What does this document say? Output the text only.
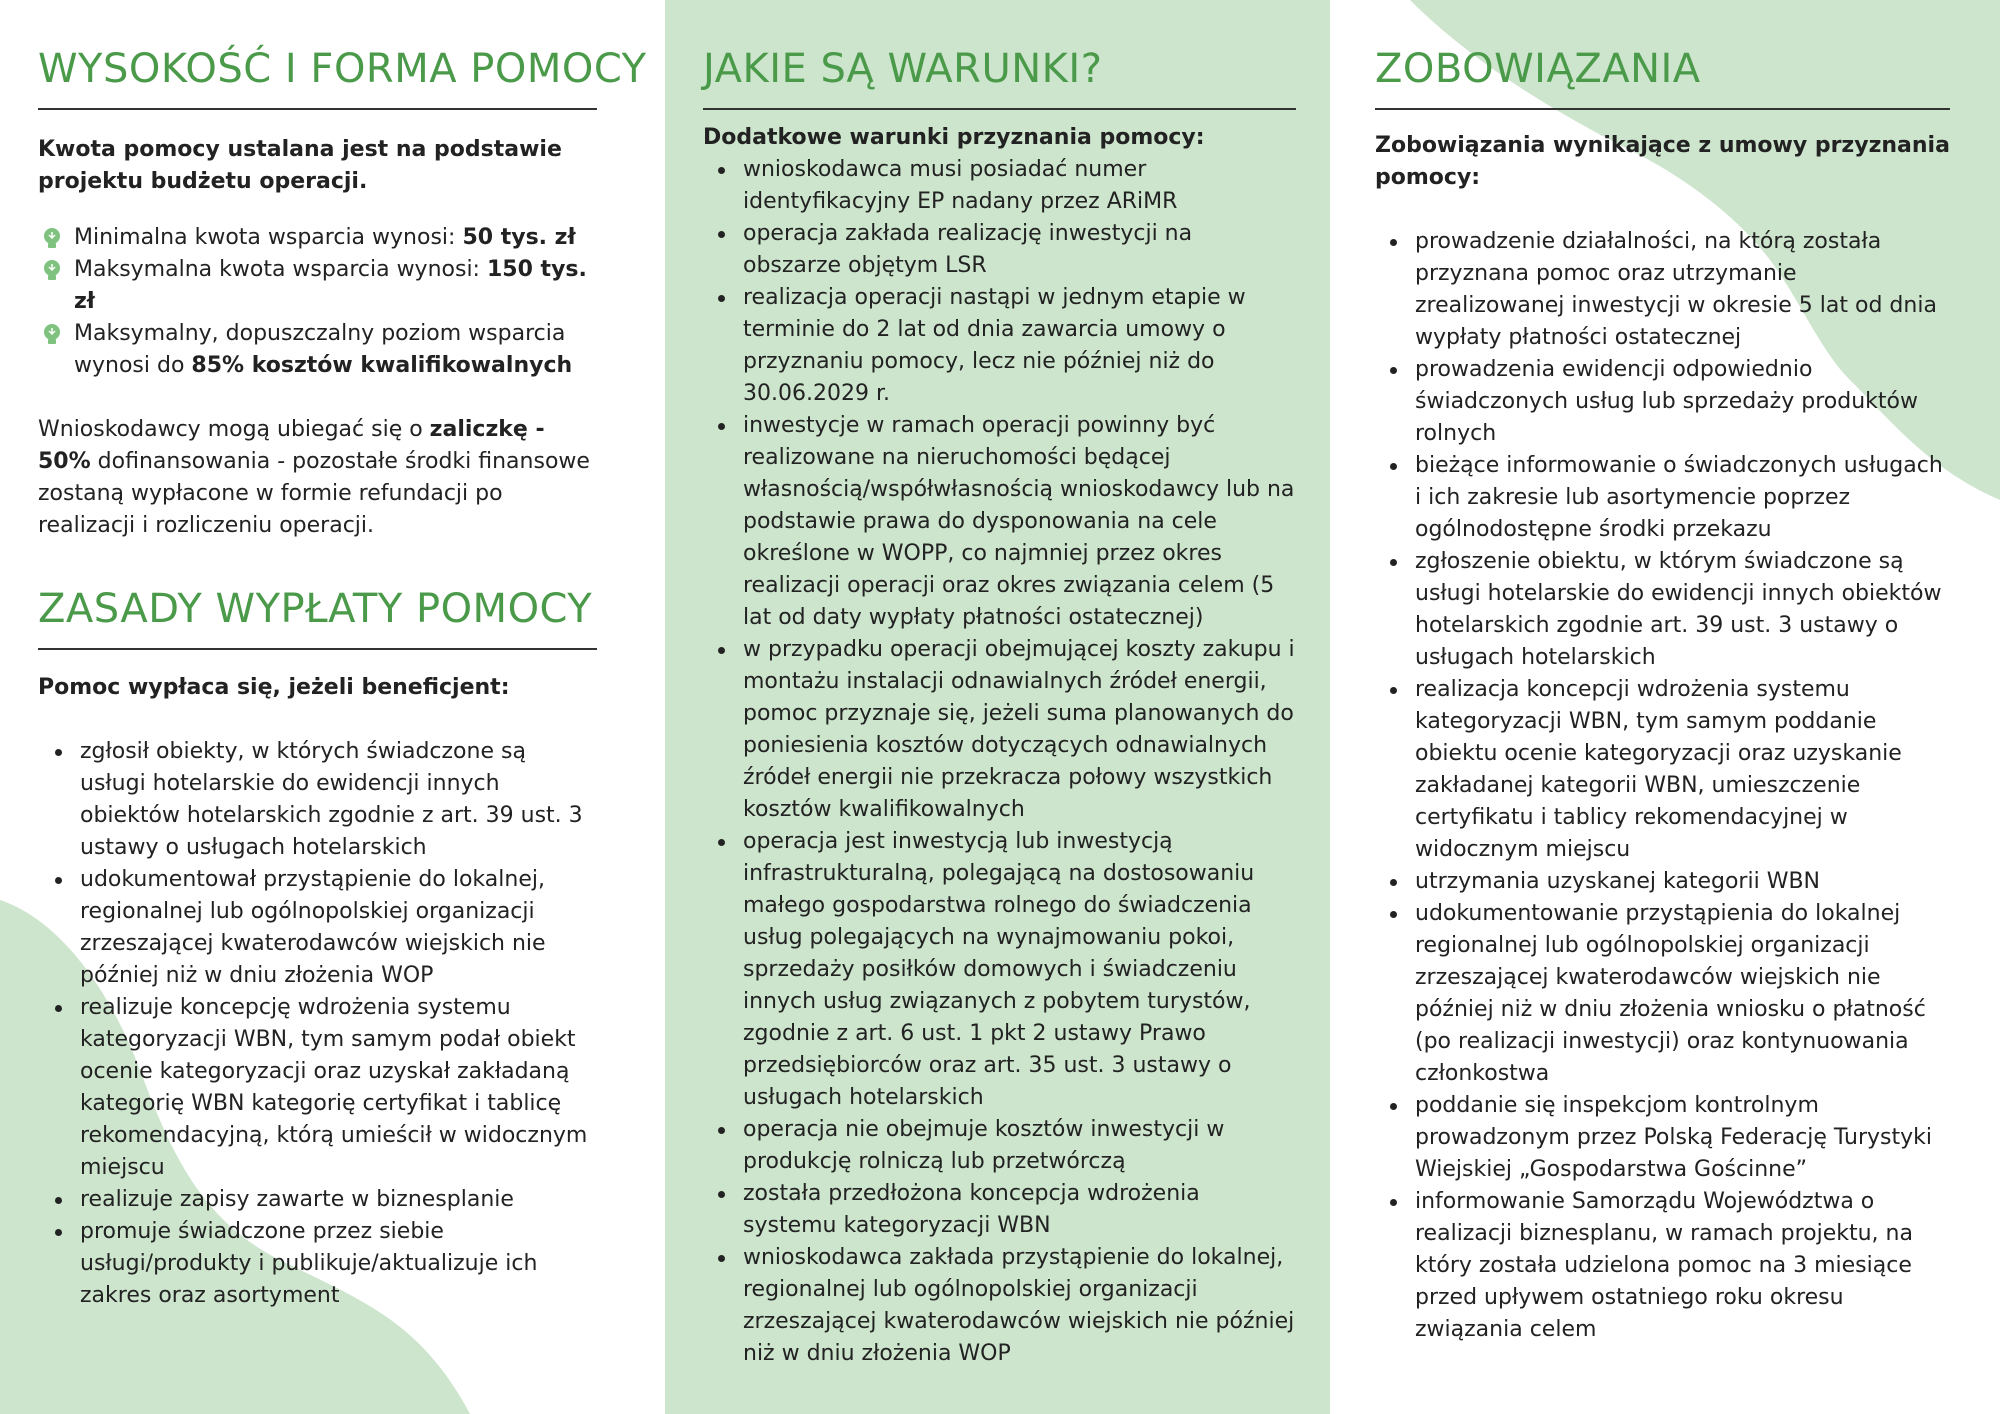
WYSOKOŚĆ I FORMA POMOCY

Kwota pomocy ustalana jest na podstawie projektu budżetu operacji.

Minimalna kwota wsparcia wynosi: 50 tys. zł
Maksymalna kwota wsparcia wynosi: 150 tys. zł
Maksymalny, dopuszczalny poziom wsparcia wynosi do 85% kosztów kwalifikowalnych

Wnioskodawcy mogą ubiegać się o zaliczkę - 50% dofinansowania - pozostałe środki finansowe zostaną wypłacone w formie refundacji po realizacji i rozliczeniu operacji.

ZASADY WYPŁATY POMOCY

Pomoc wypłaca się, jeżeli beneficjent:

zgłosił obiekty, w których świadczone są usługi hotelarskie do ewidencji innych obiektów hotelarskich zgodnie z art. 39 ust. 3 ustawy o usługach hotelarskich
udokumentował przystąpienie do lokalnej, regionalnej lub ogólnopolskiej organizacji zrzeszającej kwaterodawców wiejskich nie później niż w dniu złożenia WOP
realizuje koncepcję wdrożenia systemu kategoryzacji WBN, tym samym podał obiekt ocenie kategoryzacji oraz uzyskał zakładaną kategorię WBN kategorię certyfikat i tablicę rekomendacyjną, którą umieścił w widocznym miejscu
realizuje zapisy zawarte w biznesplanie
promuje świadczone przez siebie usługi/produkty i publikuje/aktualizuje ich zakres oraz asortyment
JAKIE SĄ WARUNKI?

Dodatkowe warunki przyznania pomocy:

wnioskodawca musi posiadać numer identyfikacyjny EP nadany przez ARiMR
operacja zakłada realizację inwestycji na obszarze objętym LSR
realizacja operacji nastąpi w jednym etapie w terminie do 2 lat od dnia zawarcia umowy o przyznaniu pomocy, lecz nie później niż do 30.06.2029 r.
inwestycje w ramach operacji powinny być realizowane na nieruchomości będącej własnością/współwłasnością wnioskodawcy lub na podstawie prawa do dysponowania na cele określone w WOPP, co najmniej przez okres realizacji operacji oraz okres związania celem (5 lat od daty wypłaty płatności ostatecznej)
w przypadku operacji obejmującej koszty zakupu i montażu instalacji odnawialnych źródeł energii, pomoc przyznaje się, jeżeli suma planowanych do poniesienia kosztów dotyczących odnawialnych źródeł energii nie przekracza połowy wszystkich kosztów kwalifikowalnych
operacja jest inwestycją lub inwestycją infrastrukturalną, polegającą na dostosowaniu małego gospodarstwa rolnego do świadczenia usług polegających na wynajmowaniu pokoi, sprzedaży posiłków domowych i świadczeniu innych usług związanych z pobytem turystów, zgodnie z art. 6 ust. 1 pkt 2 ustawy Prawo przedsiębiorców oraz art. 35 ust. 3 ustawy o usługach hotelarskich
operacja nie obejmuje kosztów inwestycji w produkcję rolniczą lub przetwórczą
została przedłożona koncepcja wdrożenia systemu kategoryzacji WBN
wnioskodawca zakłada przystąpienie do lokalnej, regionalnej lub ogólnopolskiej organizacji zrzeszającej kwaterodawców wiejskich nie później niż w dniu złożenia WOP
ZOBOWIĄZANIA

Zobowiązania wynikające z umowy przyznania pomocy:

prowadzenie działalności, na którą została przyznana pomoc oraz utrzymanie zrealizowanej inwestycji w okresie 5 lat od dnia wypłaty płatności ostatecznej
prowadzenia ewidencji odpowiednio świadczonych usług lub sprzedaży produktów rolnych
bieżące informowanie o świadczonych usługach i ich zakresie lub asortymencie poprzez ogólnodostępne środki przekazu
zgłoszenie obiektu, w którym świadczone są usługi hotelarskie do ewidencji innych obiektów hotelarskich zgodnie art. 39 ust. 3 ustawy o usługach hotelarskich
realizacja koncepcji wdrożenia systemu kategoryzacji WBN, tym samym poddanie obiektu ocenie kategoryzacji oraz uzyskanie zakładanej kategorii WBN, umieszczenie certyfikatu i tablicy rekomendacyjnej w widocznym miejscu
utrzymania uzyskanej kategorii WBN
udokumentowanie przystąpienia do lokalnej regionalnej lub ogólnopolskiej organizacji zrzeszającej kwaterodawców wiejskich nie później niż w dniu złożenia wniosku o płatność (po realizacji inwestycji) oraz kontynuowania członkostwa
poddanie się inspekcjom kontrolnym prowadzonym przez Polską Federację Turystyki Wiejskiej „Gospodarstwa Gościnne”
informowanie Samorządu Województwa o realizacji biznesplanu, w ramach projektu, na który została udzielona pomoc na 3 miesiące przed upływem ostatniego roku okresu związania celem
